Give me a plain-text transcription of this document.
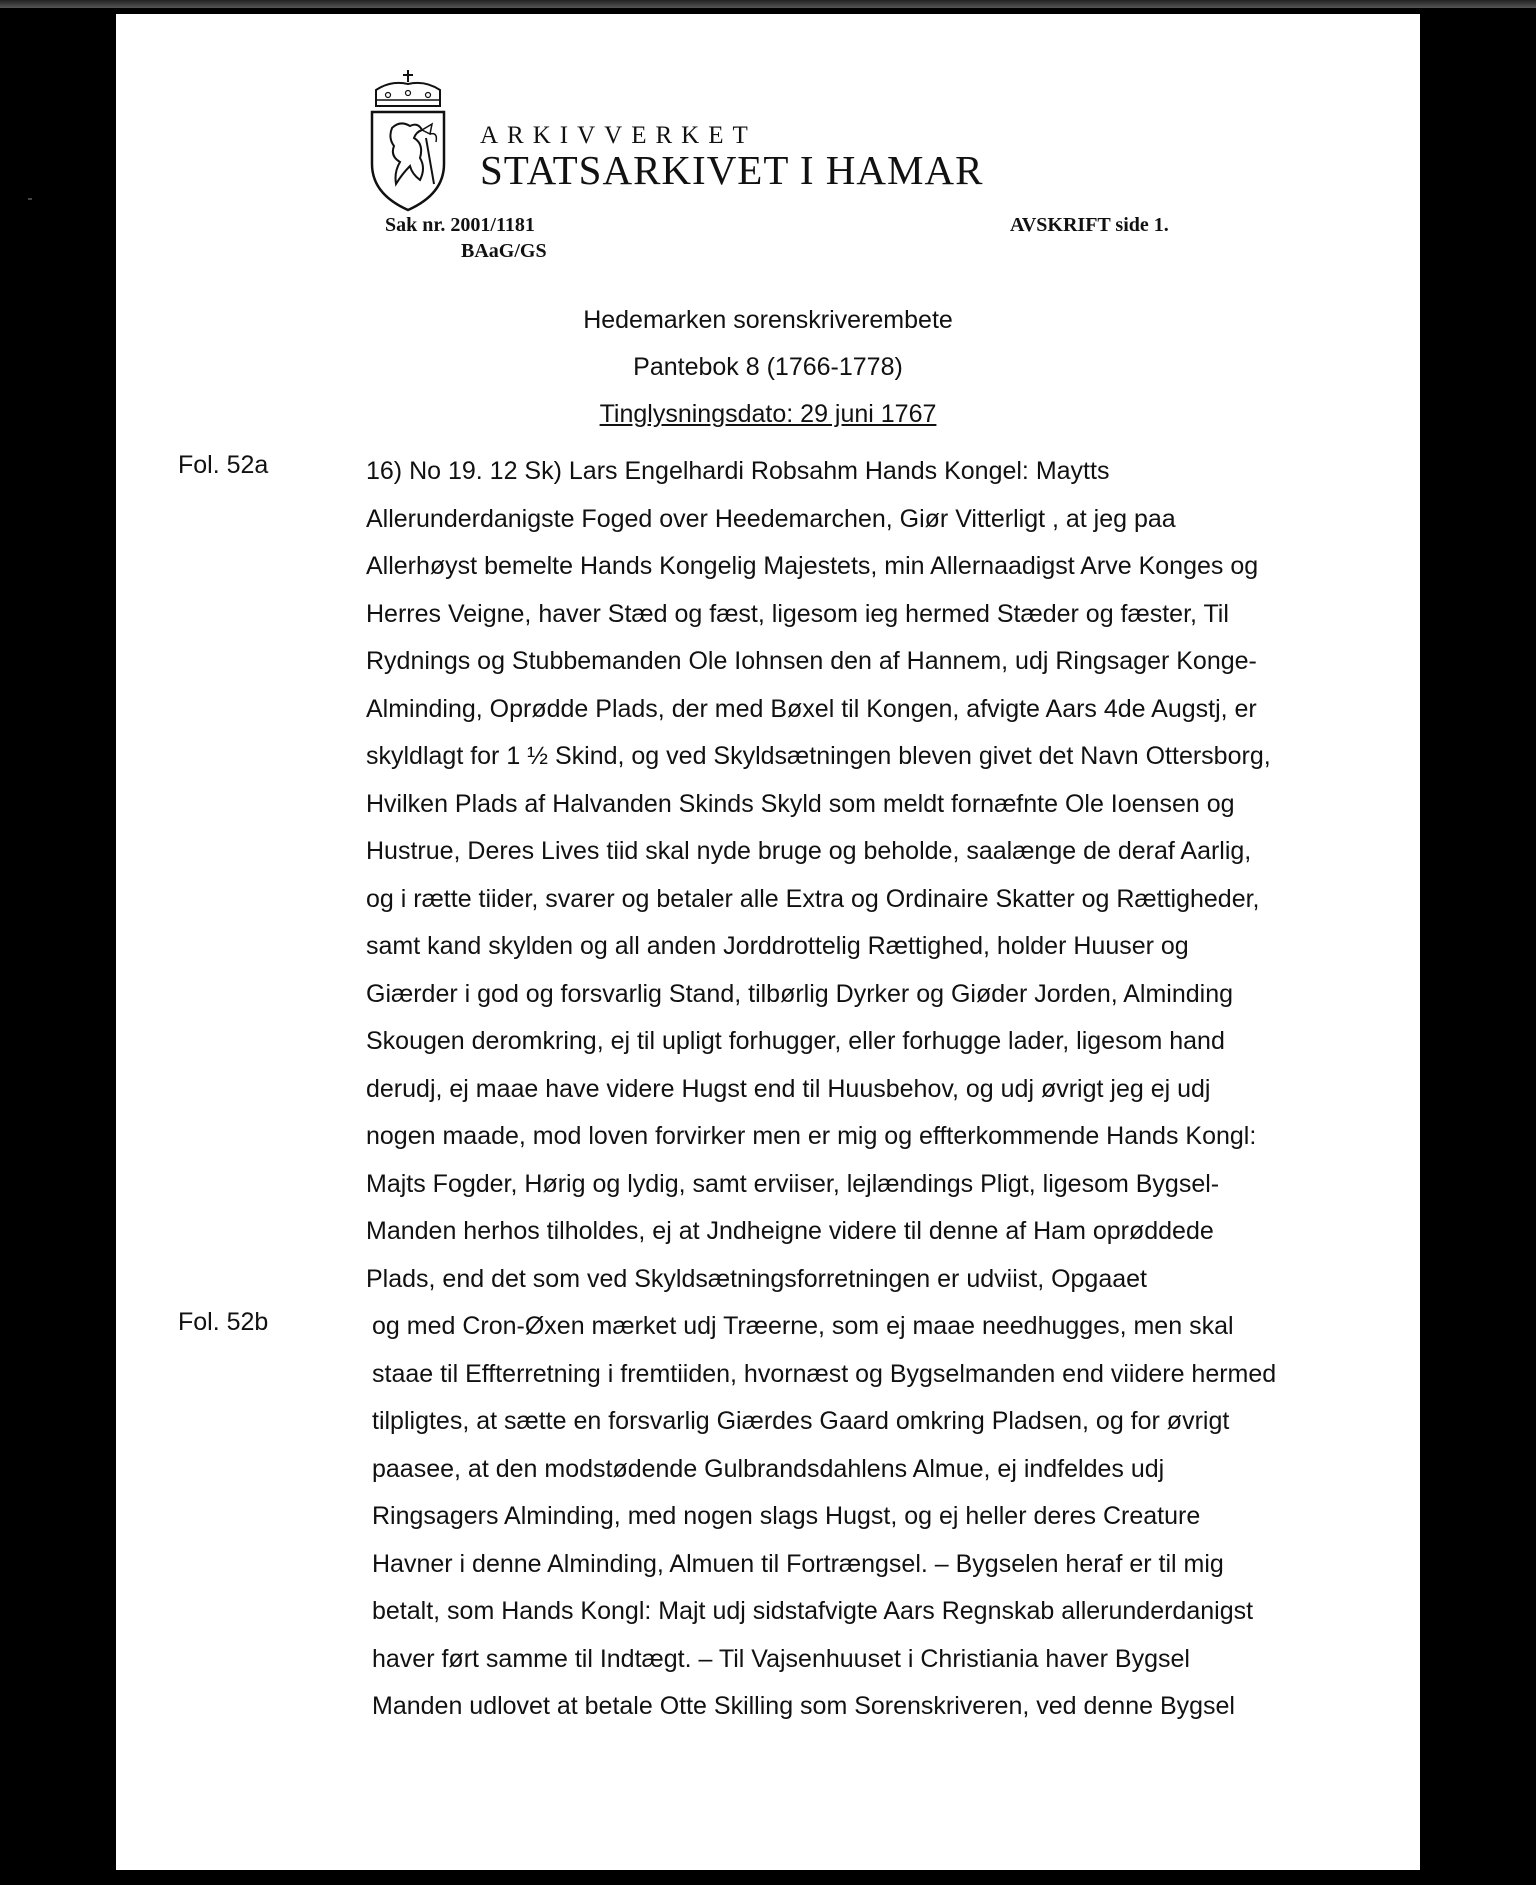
ARKIVVERKET
STATSARKIVET I HAMAR
Sak nr. 2001/1181
BAaG/GS
AVSKRIFT side 1.
Hedemarken sorenskriverembete
Pantebok 8 (1766-1778)
Tinglysningsdato: 29 juni 1767
Fol. 52a
Fol. 52b
16) No 19. 12 Sk) Lars Engelhardi Robsahm Hands Kongel: Maytts
Allerunderdanigste Foged over Heedemarchen, Giør Vitterligt , at jeg paa
Allerhøyst bemelte Hands Kongelig Majestets, min Allernaadigst Arve Konges og
Herres Veigne, haver Stæd og fæst, ligesom ieg hermed Stæder og fæster, Til
Rydnings og Stubbemanden Ole Iohnsen den af Hannem, udj Ringsager Konge-
Alminding, Oprødde Plads, der med Bøxel til Kongen, afvigte Aars 4de Augstj, er
skyldlagt for 1 ½ Skind, og ved Skyldsætningen bleven givet det Navn Ottersborg,
Hvilken Plads af Halvanden Skinds Skyld som meldt fornæfnte Ole Ioensen og
Hustrue, Deres Lives tiid skal nyde bruge og beholde, saalænge de deraf Aarlig,
og i rætte tiider, svarer og betaler alle Extra og Ordinaire Skatter og Rættigheder,
samt kand skylden og all anden Jorddrottelig Rættighed, holder Huuser og
Giærder i god og forsvarlig Stand, tilbørlig Dyrker og Giøder Jorden, Alminding
Skougen deromkring, ej til upligt forhugger, eller forhugge lader, ligesom hand
derudj, ej maae have videre Hugst end til Huusbehov, og udj øvrigt jeg ej udj
nogen maade, mod loven forvirker men er mig og effterkommende Hands Kongl:
Majts Fogder, Hørig og lydig, samt erviiser, lejlændings Pligt, ligesom Bygsel-
Manden herhos tilholdes, ej at Jndheigne videre til denne af Ham oprøddede
Plads, end det som ved Skyldsætningsforretningen er udviist, Opgaaet
og med Cron-Øxen mærket udj Træerne, som ej maae needhugges, men skal
staae til Effterretning i fremtiiden, hvornæst og Bygselmanden end viidere hermed
tilpligtes, at sætte en forsvarlig Giærdes Gaard omkring Pladsen, og for øvrigt
paasee, at den modstødende Gulbrandsdahlens Almue, ej indfeldes udj
Ringsagers Alminding, med nogen slags Hugst, og ej heller deres Creature
Havner i denne Alminding, Almuen til Fortrængsel. – Bygselen heraf er til mig
betalt, som Hands Kongl: Majt udj sidstafvigte Aars Regnskab allerunderdanigst
haver ført samme til Indtægt. – Til Vajsenhuuset i Christiania haver Bygsel
Manden udlovet at betale Otte Skilling som Sorenskriveren, ved denne Bygsel
